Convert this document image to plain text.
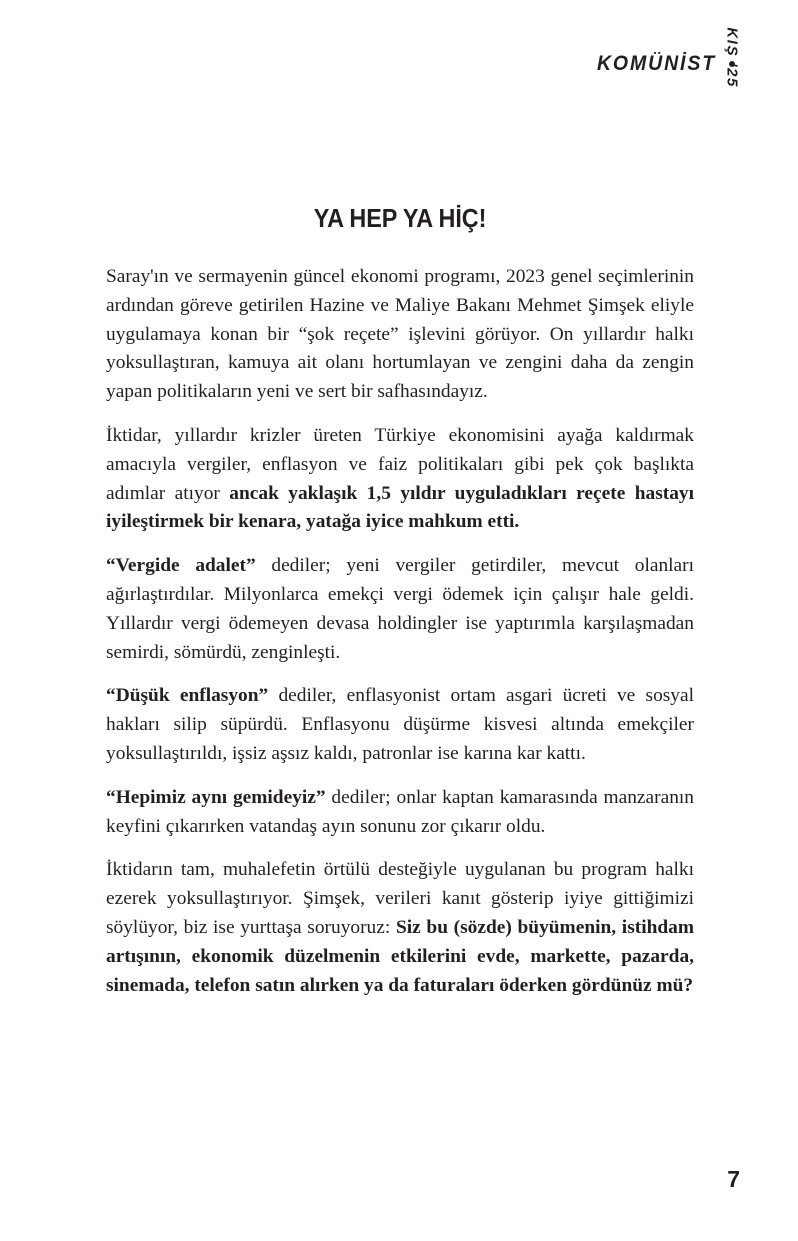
KOMÜNİST KIŞ '25
YA HEP YA HİÇ!

Saray'ın ve sermayenin güncel ekonomi programı, 2023 genel seçimlerinin ardından göreve getirilen Hazine ve Maliye Bakanı Mehmet Şimşek eliyle uygulamaya konan bir “şok reçete” işlevini görüyor. On yıllardır halkı yoksullaştıran, kamuya ait olanı hortumlayan ve zengini daha da zengin yapan politikaların yeni ve sert bir safhasındayız.

İktidar, yıllardır krizler üreten Türkiye ekonomisini ayağa kaldırmak amacıyla vergiler, enflasyon ve faiz politikaları gibi pek çok başlıkta adımlar atıyor ancak yaklaşık 1,5 yıldır uyguladıkları reçete hastayı iyileştirmek bir kenara, yatağa iyice mahkum etti.

“Vergide adalet” dediler; yeni vergiler getirdiler, mevcut olanları ağırlaştırdılar. Milyonlarca emekçi vergi ödemek için çalışır hale geldi. Yıllardır vergi ödemeyen devasa holdingler ise yaptırımla karşılaşmadan semirdi, sömürdü, zenginleşti.

“Düşük enflasyon” dediler, enflasyonist ortam asgari ücreti ve sosyal hakları silip süpürdü. Enflasyonu düşürme kisvesi altında emekçiler yoksullaştırıldı, işsiz aşsız kaldı, patronlar ise karına kar kattı.

“Hepimiz aynı gemideyiz” dediler; onlar kaptan kamarasında manzaranın keyfini çıkarırken vatandaş ayın sonunu zor çıkarır oldu.

İktidarın tam, muhalefetin örtülü desteğiyle uygulanan bu program halkı ezerek yoksullaştırıyor. Şimşek, verileri kanıt gösterip iyiye gittiğimizi söylüyor, biz ise yurttaşa soruyoruz: Siz bu (sözde) büyümenin, istihdam artışının, ekonomik düzelmenin etkilerini evde, markette, pazarda, sinemada, telefon satın alırken ya da faturaları öderken gördünüz mü?

7
